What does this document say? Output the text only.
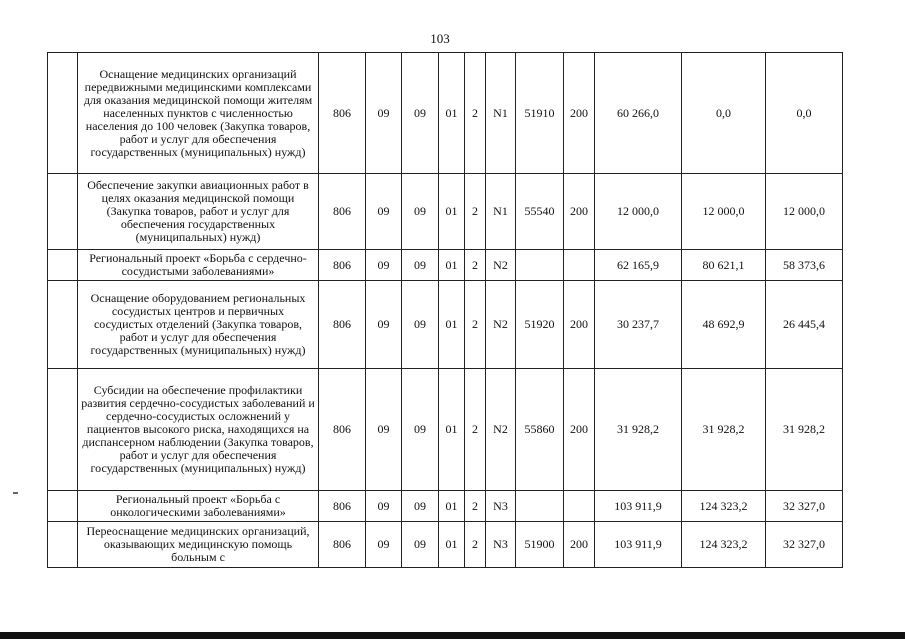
103
	Оснащение медицинских организаций передвижными медицинскими комплексами для оказания медицинской помощи жителям населенных пунктов с численностью населения до 100 человек (Закупка товаров, работ и услуг для обеспечения государственных (муниципальных) нужд)	806	09	09	01	2	N1	51910	200	60 266,0	0,0	0,0
	Обеспечение закупки авиационных работ в целях оказания медицинской помощи (Закупка товаров, работ и услуг для обеспечения государственных (муниципальных) нужд)	806	09	09	01	2	N1	55540	200	12 000,0	12 000,0	12 000,0
	Региональный проект «Борьба с сердечно-сосудистыми заболеваниями»	806	09	09	01	2	N2			62 165,9	80 621,1	58 373,6
	Оснащение оборудованием региональных сосудистых центров и первичных сосудистых отделений (Закупка товаров, работ и услуг для обеспечения государственных (муниципальных) нужд)	806	09	09	01	2	N2	51920	200	30 237,7	48 692,9	26 445,4
	Субсидии на обеспечение профилактики развития сердечно-сосудистых заболеваний и сердечно-сосудистых осложнений у пациентов высокого риска, находящихся на диспансерном наблюдении (Закупка товаров, работ и услуг для обеспечения государственных (муниципальных) нужд)	806	09	09	01	2	N2	55860	200	31 928,2	31 928,2	31 928,2
	Региональный проект «Борьба с онкологическими заболеваниями»	806	09	09	01	2	N3			103 911,9	124 323,2	32 327,0
	Переоснащение медицинских организаций, оказывающих медицинскую помощь больным с	806	09	09	01	2	N3	51900	200	103 911,9	124 323,2	32 327,0
